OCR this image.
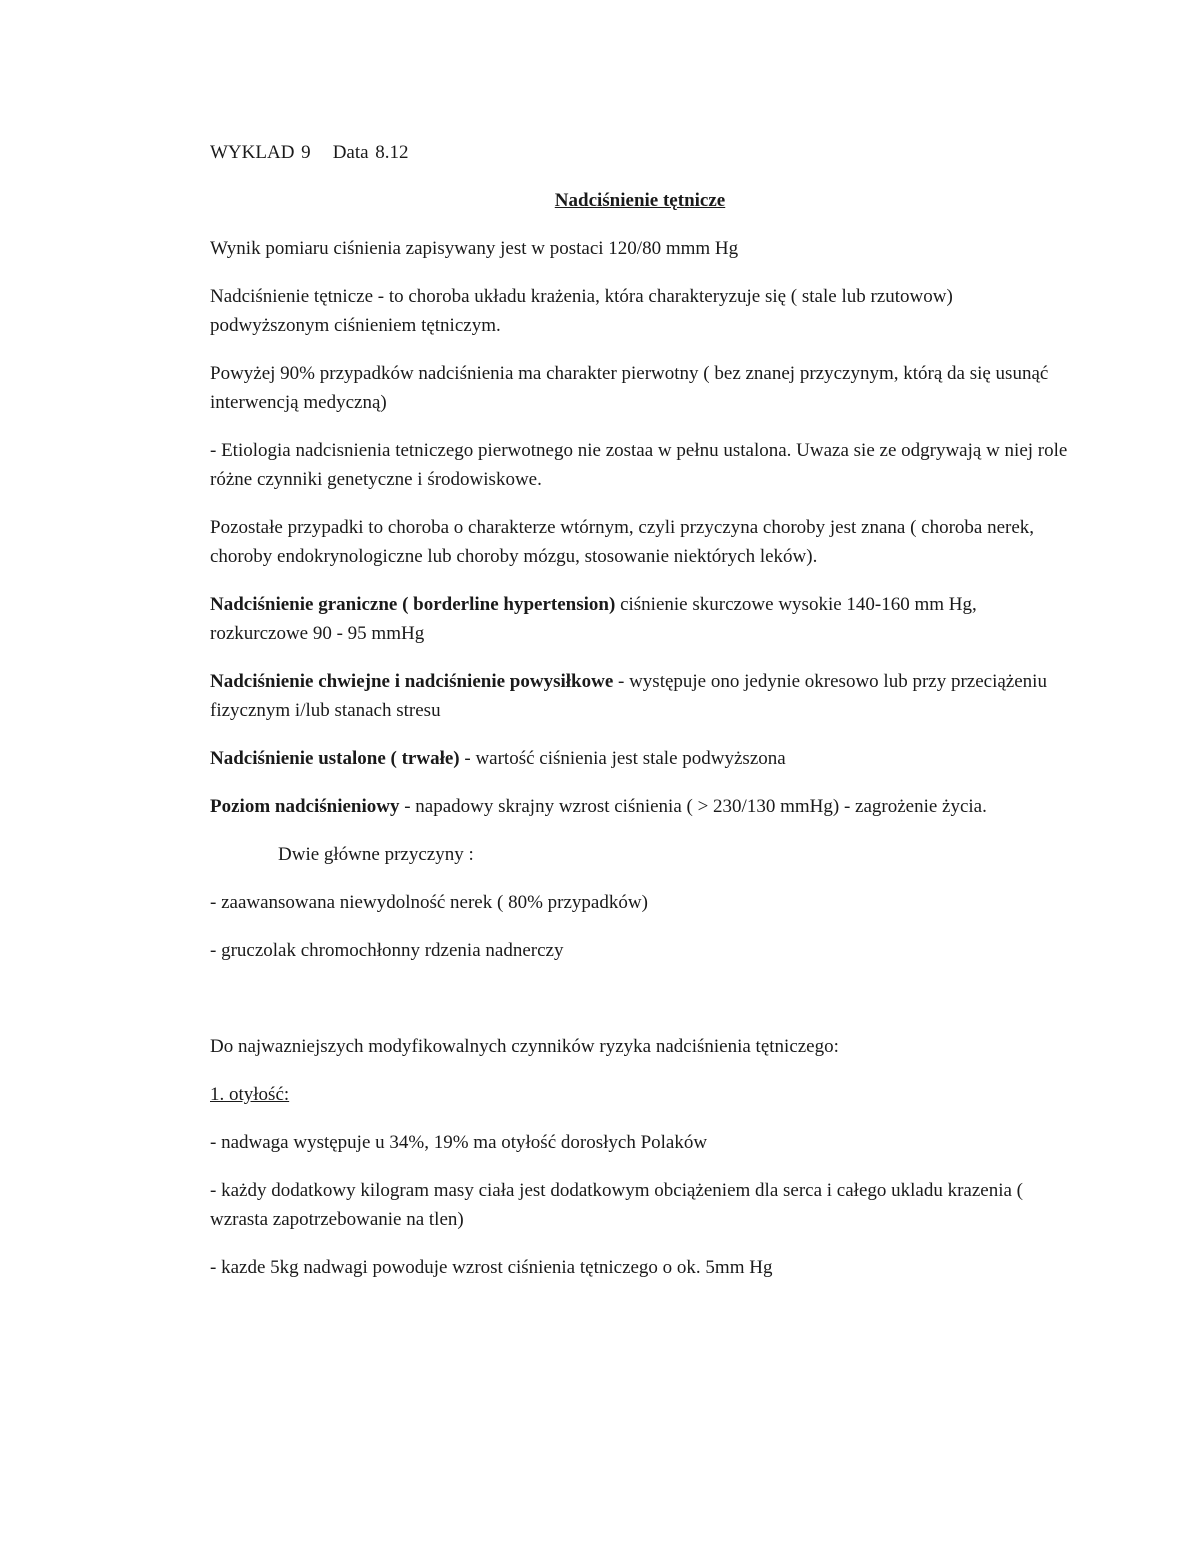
WYKLAD 9 Data 8.12

Nadciśnienie tętnicze

Wynik pomiaru ciśnienia zapisywany jest w postaci 120/80 mmm Hg

Nadciśnienie tętnicze - to choroba układu krażenia, która charakteryzuje się ( stale lub rzutowow) podwyższonym ciśnieniem tętniczym.

Powyżej 90% przypadków nadciśnienia ma charakter pierwotny ( bez znanej przyczynym, którą da się usunąć interwencją medyczną)

- Etiologia nadcisnienia tetniczego pierwotnego nie zostaa w pełnu ustalona. Uwaza sie ze odgrywają w niej role różne czynniki genetyczne i środowiskowe.

Pozostałe przypadki to choroba o charakterze wtórnym, czyli przyczyna choroby jest znana ( choroba nerek, choroby endokrynologiczne lub choroby mózgu, stosowanie niektórych leków).

Nadciśnienie graniczne ( borderline hypertension) ciśnienie skurczowe wysokie 140-160 mm Hg, rozkurczowe 90 - 95 mmHg

Nadciśnienie chwiejne i nadciśnienie powysiłkowe - występuje ono jedynie okresowo lub przy przeciążeniu fizycznym i/lub stanach stresu

Nadciśnienie ustalone ( trwałe) - wartość ciśnienia jest stale podwyższona

Poziom nadciśnieniowy - napadowy skrajny wzrost ciśnienia ( > 230/130 mmHg) - zagrożenie życia.

Dwie główne przyczyny :

- zaawansowana niewydolność nerek ( 80% przypadków)

- gruczolak chromochłonny rdzenia nadnerczy

Do najwazniejszych modyfikowalnych czynników ryzyka nadciśnienia tętniczego:

1. otyłość:

- nadwaga występuje u 34%, 19% ma otyłość dorosłych Polaków

- każdy dodatkowy kilogram masy ciała jest dodatkowym obciążeniem dla serca i całego ukladu krazenia ( wzrasta zapotrzebowanie na tlen)

- kazde 5kg nadwagi powoduje wzrost ciśnienia tętniczego o ok. 5mm Hg
